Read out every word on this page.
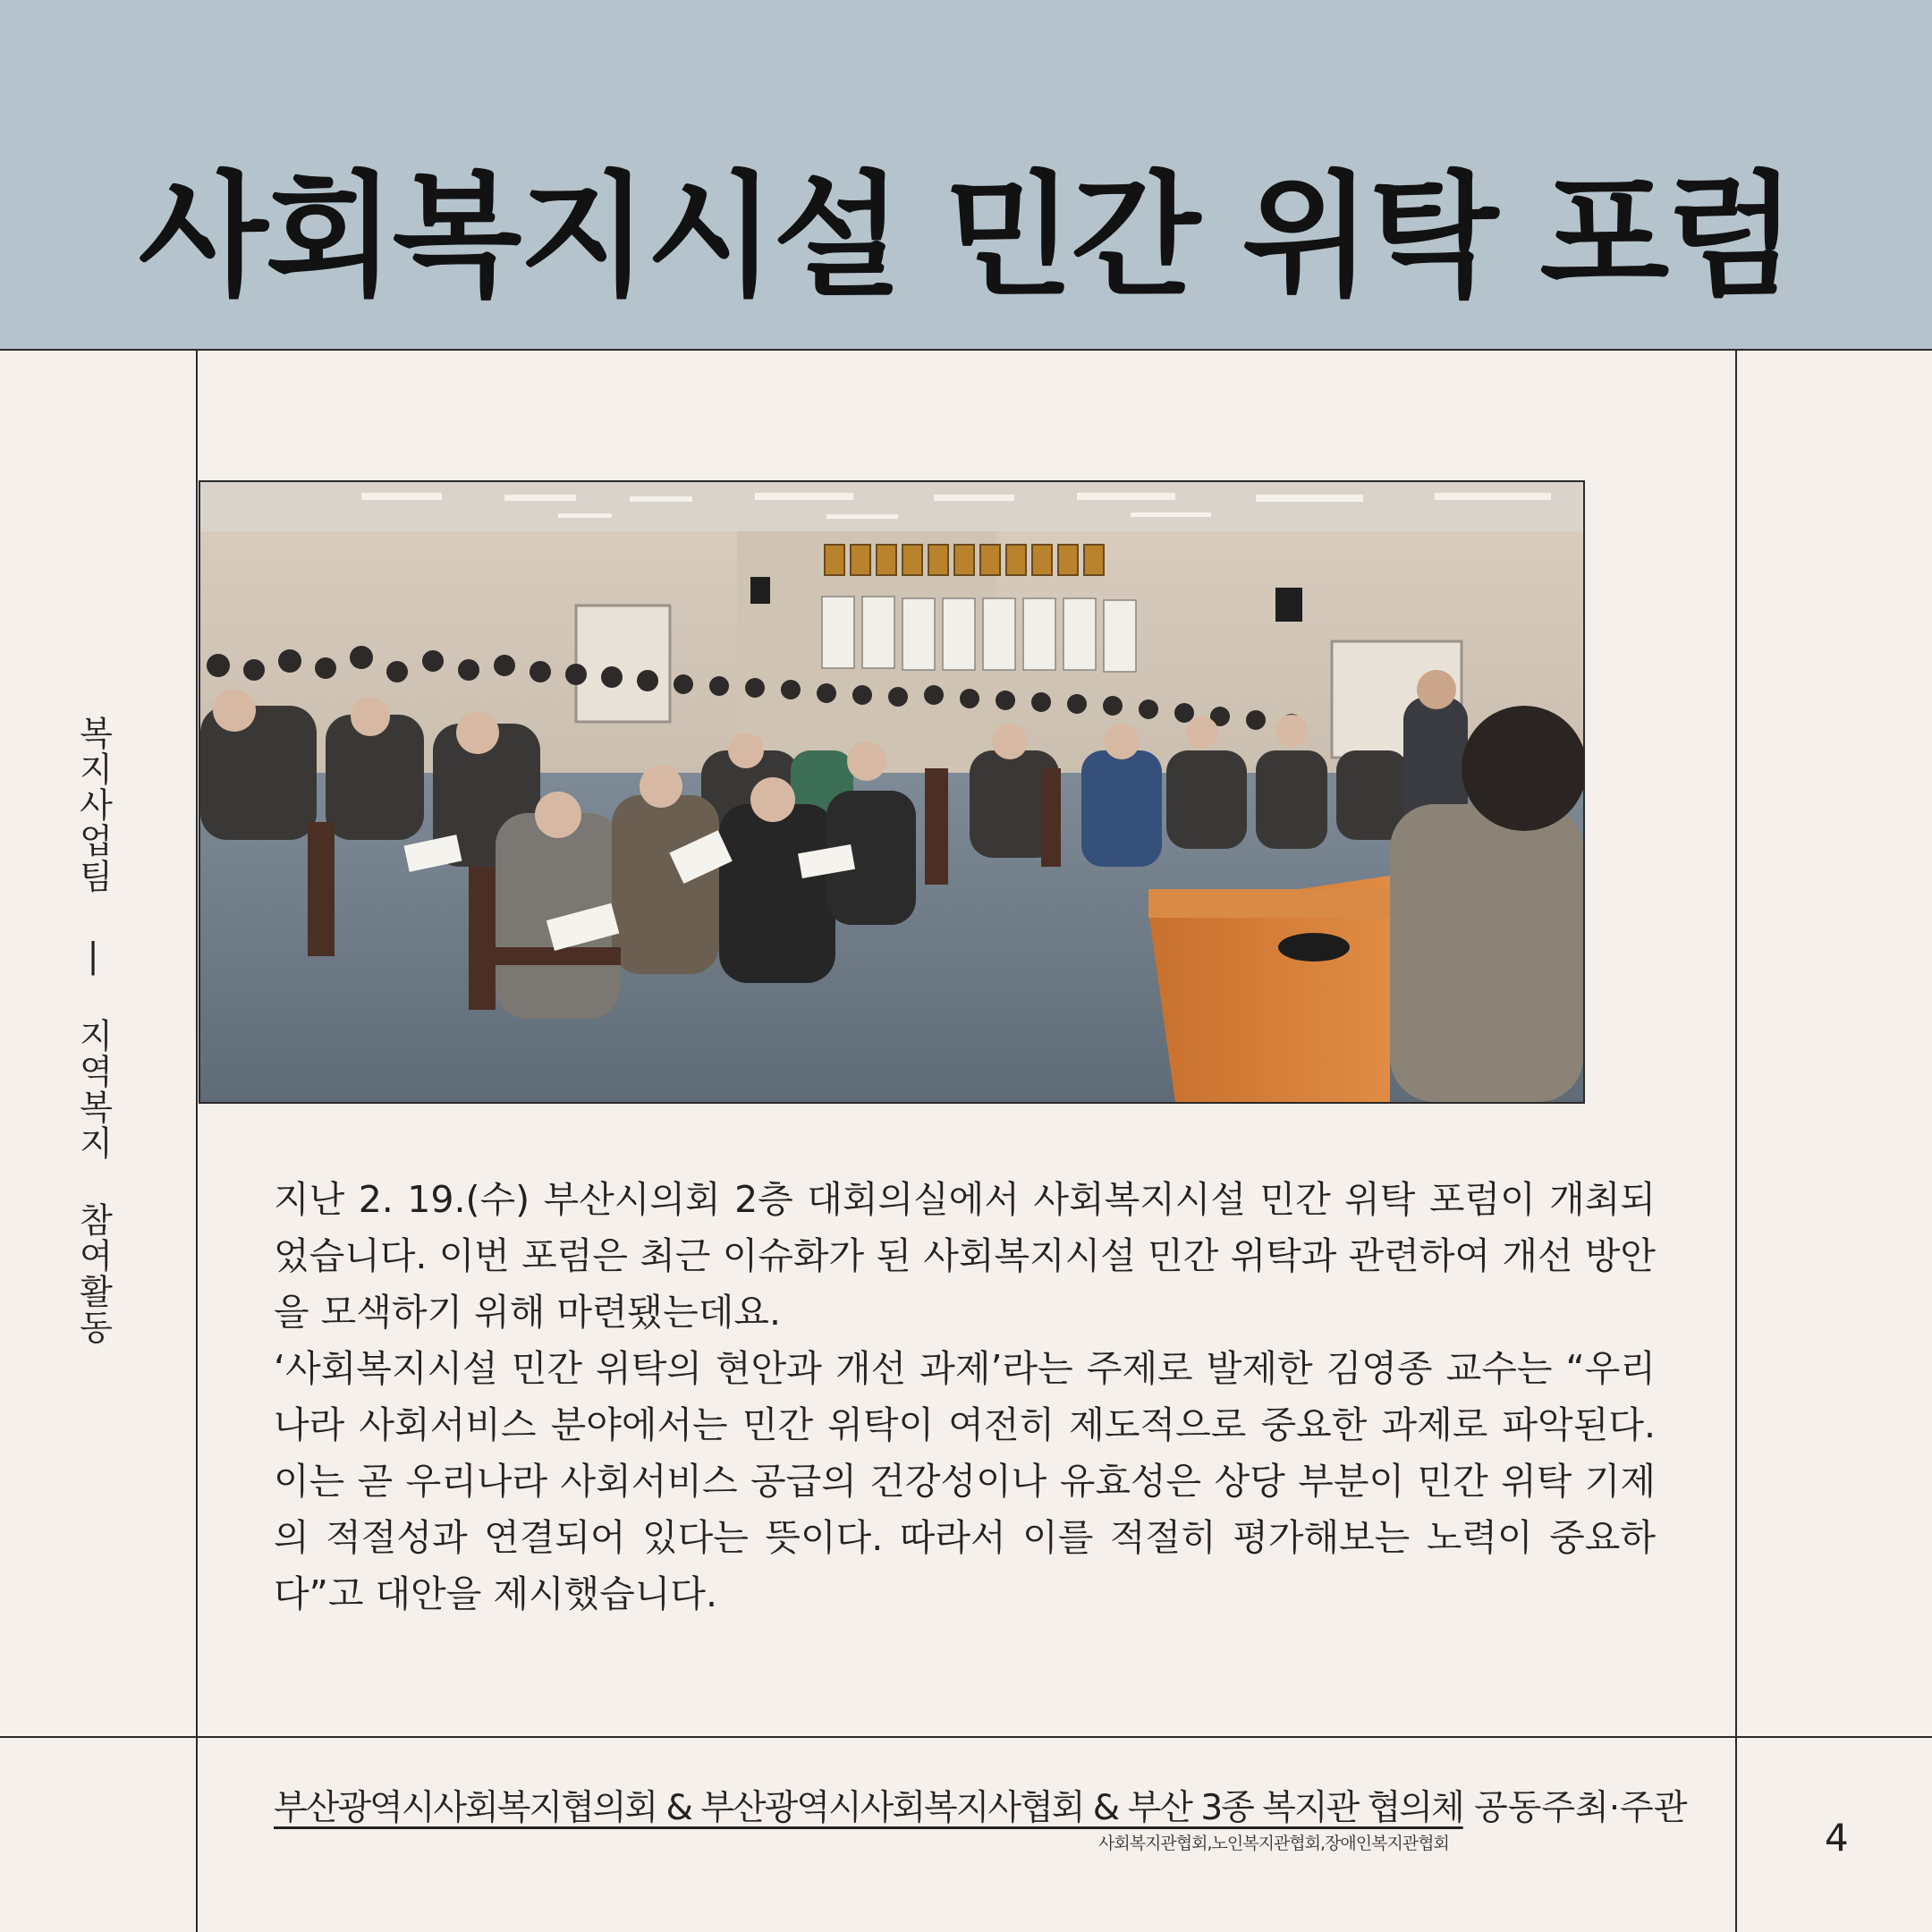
사회복지시설 민간 위탁 포럼
복지사업팀 | 지역복지 참여활동	지난 2. 19.(수) 부산시의회 2층 대회의실에서 사회복지시설 민간 위탁 포럼이 개최되었습니다. 이번 포럼은 최근 이슈화가 된 사회복지시설 민간 위탁과 관련하여 개선 방안을 모색하기 위해 마련됐는데요.

‘사회복지시설 민간 위탁의 현안과 개선 과제’라는 주제로 발제한 김영종 교수는 “우리나라 사회서비스 분야에서는 민간 위탁이 여전히 제도적으로 중요한 과제로 파악된다. 이는 곧 우리나라 사회서비스 공급의 건강성이나 유효성은 상당 부분이 민간 위탁 기제의 적절성과 연결되어 있다는 뜻이다. 따라서 이를 적절히 평가해보는 노력이 중요하다”고 대안을 제시했습니다.

부산광역시사회복지협의회 & 부산광역시사회복지사협회 & 부산 3종 복지관 협의체 공동주최·주관
사회복지관협회,노인복지관협회,장애인복지관협회	4
